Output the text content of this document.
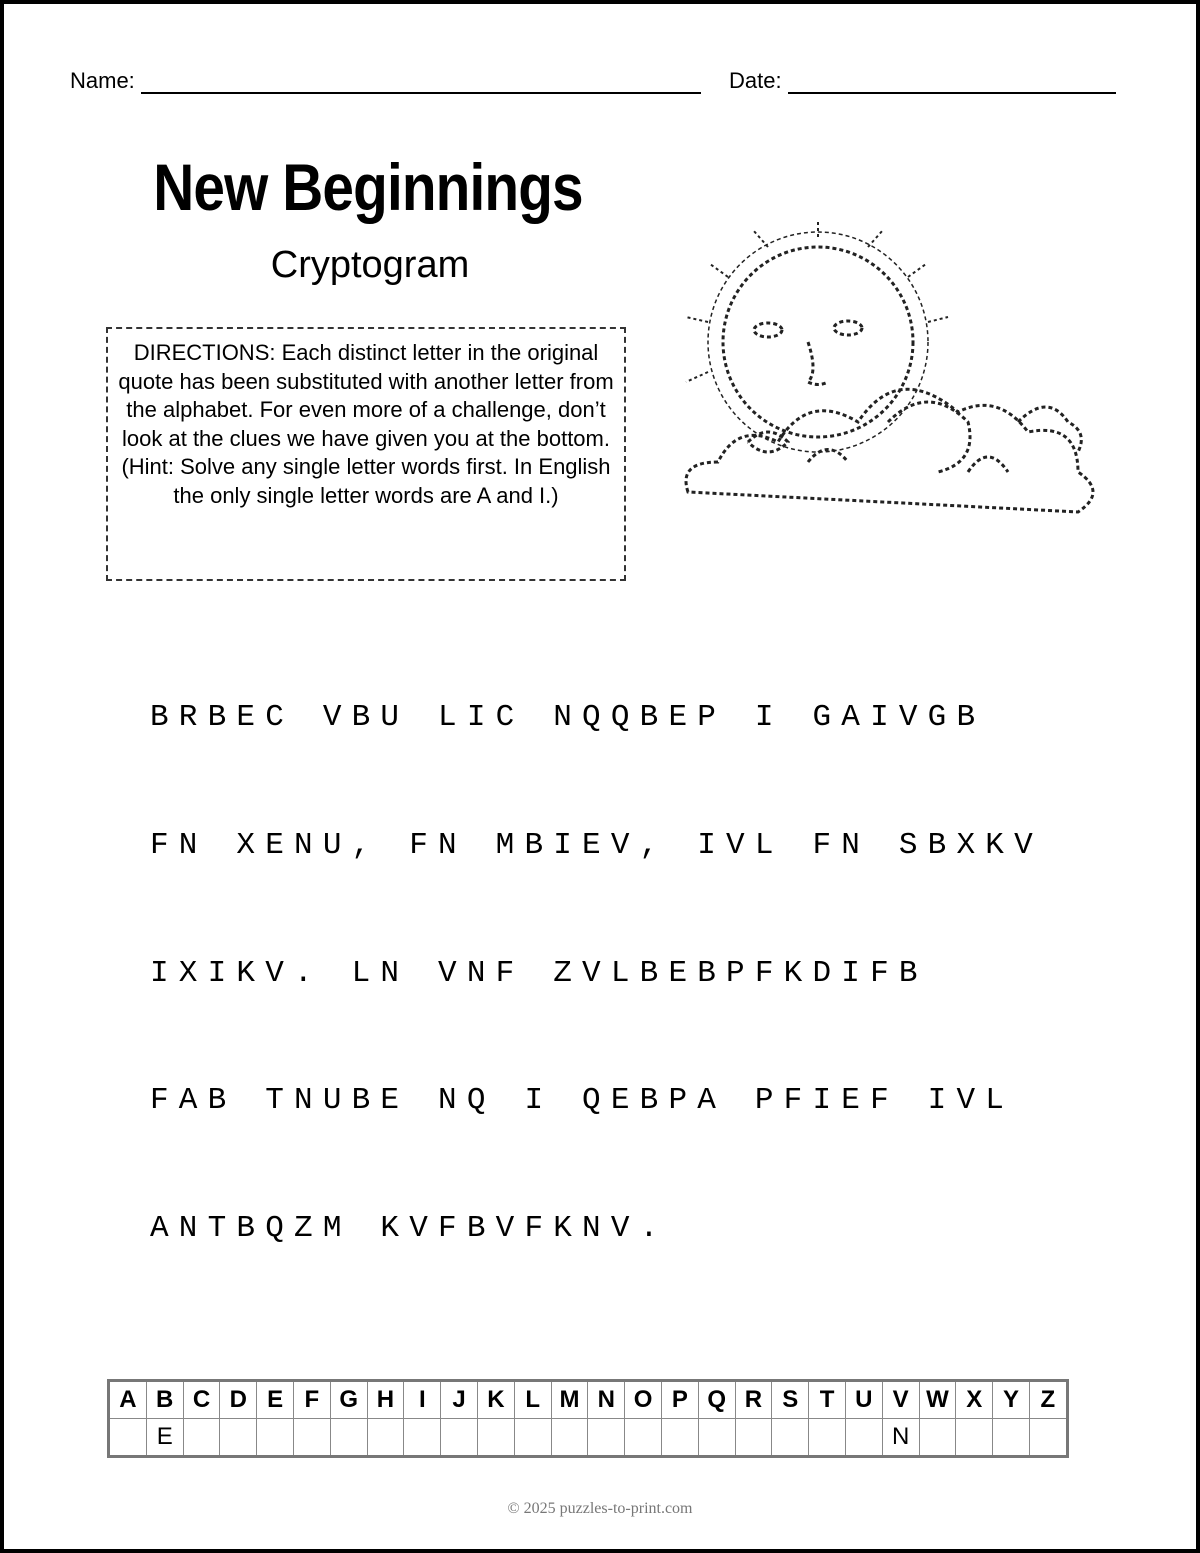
Name:	Date:
New Beginnings
Cryptogram
DIRECTIONS: Each distinct letter in the original quote has been substituted with another letter from the alphabet. For even more of a challenge, don’t look at the clues we have given you at the bottom. (Hint: Solve any single letter words first. In English the only single letter words are A and I.)
BRBEC VBU LIC NQQBEP I GAIVGB
FN XENU, FN MBIEV, IVL FN SBXKV
IXIKV. LN VNF ZVLBEBPFKDIFB
FAB TNUBE NQ I QEBPA PFIEF IVL
ANTBQZM KVFBVFKNV.
A	B	C	D	E	F	G	H	I	J	K	L	M	N	O	P	Q	R	S	T	U	V	W	X	Y	Z
	E																				N				
© 2025 puzzles-to-print.com
